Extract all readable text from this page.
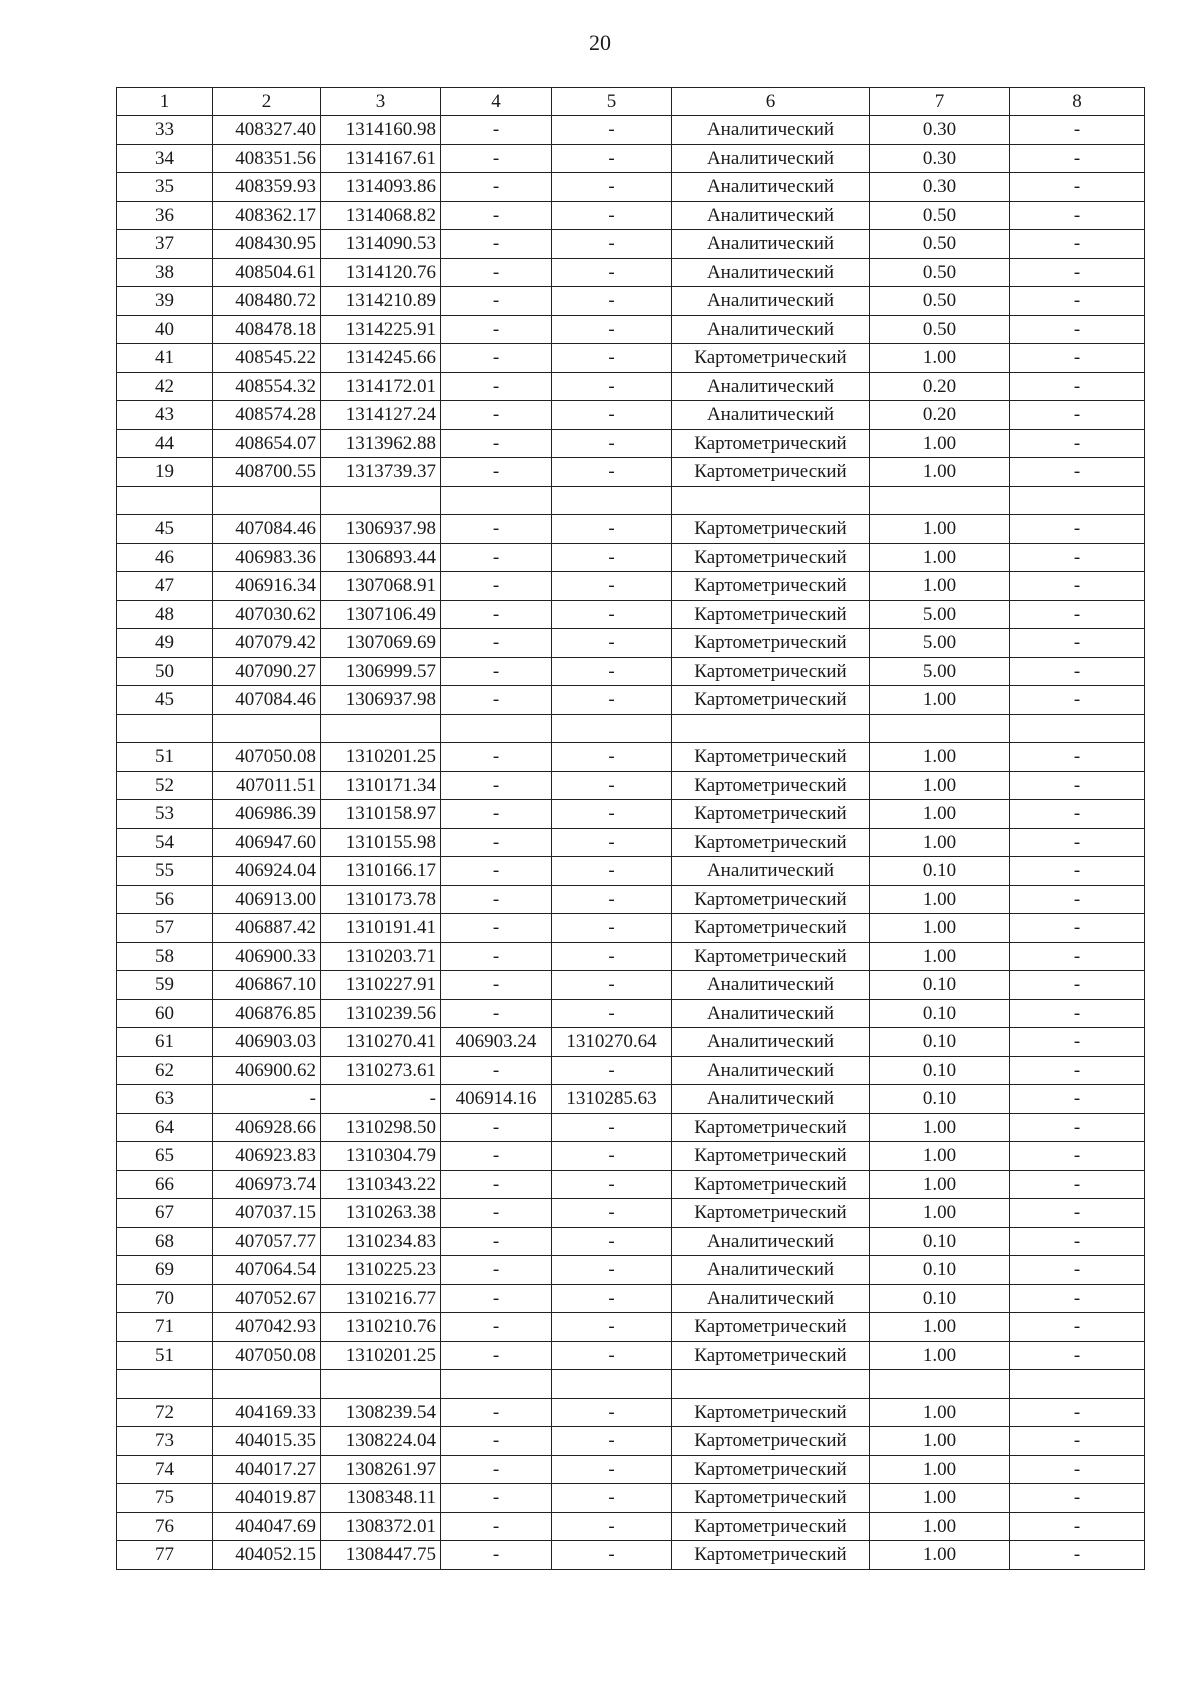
20
1	2	3	4	5	6	7	8
33	408327.40	1314160.98	-	-	Аналитический	0.30	-
34	408351.56	1314167.61	-	-	Аналитический	0.30	-
35	408359.93	1314093.86	-	-	Аналитический	0.30	-
36	408362.17	1314068.82	-	-	Аналитический	0.50	-
37	408430.95	1314090.53	-	-	Аналитический	0.50	-
38	408504.61	1314120.76	-	-	Аналитический	0.50	-
39	408480.72	1314210.89	-	-	Аналитический	0.50	-
40	408478.18	1314225.91	-	-	Аналитический	0.50	-
41	408545.22	1314245.66	-	-	Картометрический	1.00	-
42	408554.32	1314172.01	-	-	Аналитический	0.20	-
43	408574.28	1314127.24	-	-	Аналитический	0.20	-
44	408654.07	1313962.88	-	-	Картометрический	1.00	-
19	408700.55	1313739.37	-	-	Картометрический	1.00	-

45	407084.46	1306937.98	-	-	Картометрический	1.00	-
46	406983.36	1306893.44	-	-	Картометрический	1.00	-
47	406916.34	1307068.91	-	-	Картометрический	1.00	-
48	407030.62	1307106.49	-	-	Картометрический	5.00	-
49	407079.42	1307069.69	-	-	Картометрический	5.00	-
50	407090.27	1306999.57	-	-	Картометрический	5.00	-
45	407084.46	1306937.98	-	-	Картометрический	1.00	-

51	407050.08	1310201.25	-	-	Картометрический	1.00	-
52	407011.51	1310171.34	-	-	Картометрический	1.00	-
53	406986.39	1310158.97	-	-	Картометрический	1.00	-
54	406947.60	1310155.98	-	-	Картометрический	1.00	-
55	406924.04	1310166.17	-	-	Аналитический	0.10	-
56	406913.00	1310173.78	-	-	Картометрический	1.00	-
57	406887.42	1310191.41	-	-	Картометрический	1.00	-
58	406900.33	1310203.71	-	-	Картометрический	1.00	-
59	406867.10	1310227.91	-	-	Аналитический	0.10	-
60	406876.85	1310239.56	-	-	Аналитический	0.10	-
61	406903.03	1310270.41	406903.24	1310270.64	Аналитический	0.10	-
62	406900.62	1310273.61	-	-	Аналитический	0.10	-
63	-	-	406914.16	1310285.63	Аналитический	0.10	-
64	406928.66	1310298.50	-	-	Картометрический	1.00	-
65	406923.83	1310304.79	-	-	Картометрический	1.00	-
66	406973.74	1310343.22	-	-	Картометрический	1.00	-
67	407037.15	1310263.38	-	-	Картометрический	1.00	-
68	407057.77	1310234.83	-	-	Аналитический	0.10	-
69	407064.54	1310225.23	-	-	Аналитический	0.10	-
70	407052.67	1310216.77	-	-	Аналитический	0.10	-
71	407042.93	1310210.76	-	-	Картометрический	1.00	-
51	407050.08	1310201.25	-	-	Картометрический	1.00	-

72	404169.33	1308239.54	-	-	Картометрический	1.00	-
73	404015.35	1308224.04	-	-	Картометрический	1.00	-
74	404017.27	1308261.97	-	-	Картометрический	1.00	-
75	404019.87	1308348.11	-	-	Картометрический	1.00	-
76	404047.69	1308372.01	-	-	Картометрический	1.00	-
77	404052.15	1308447.75	-	-	Картометрический	1.00	-
